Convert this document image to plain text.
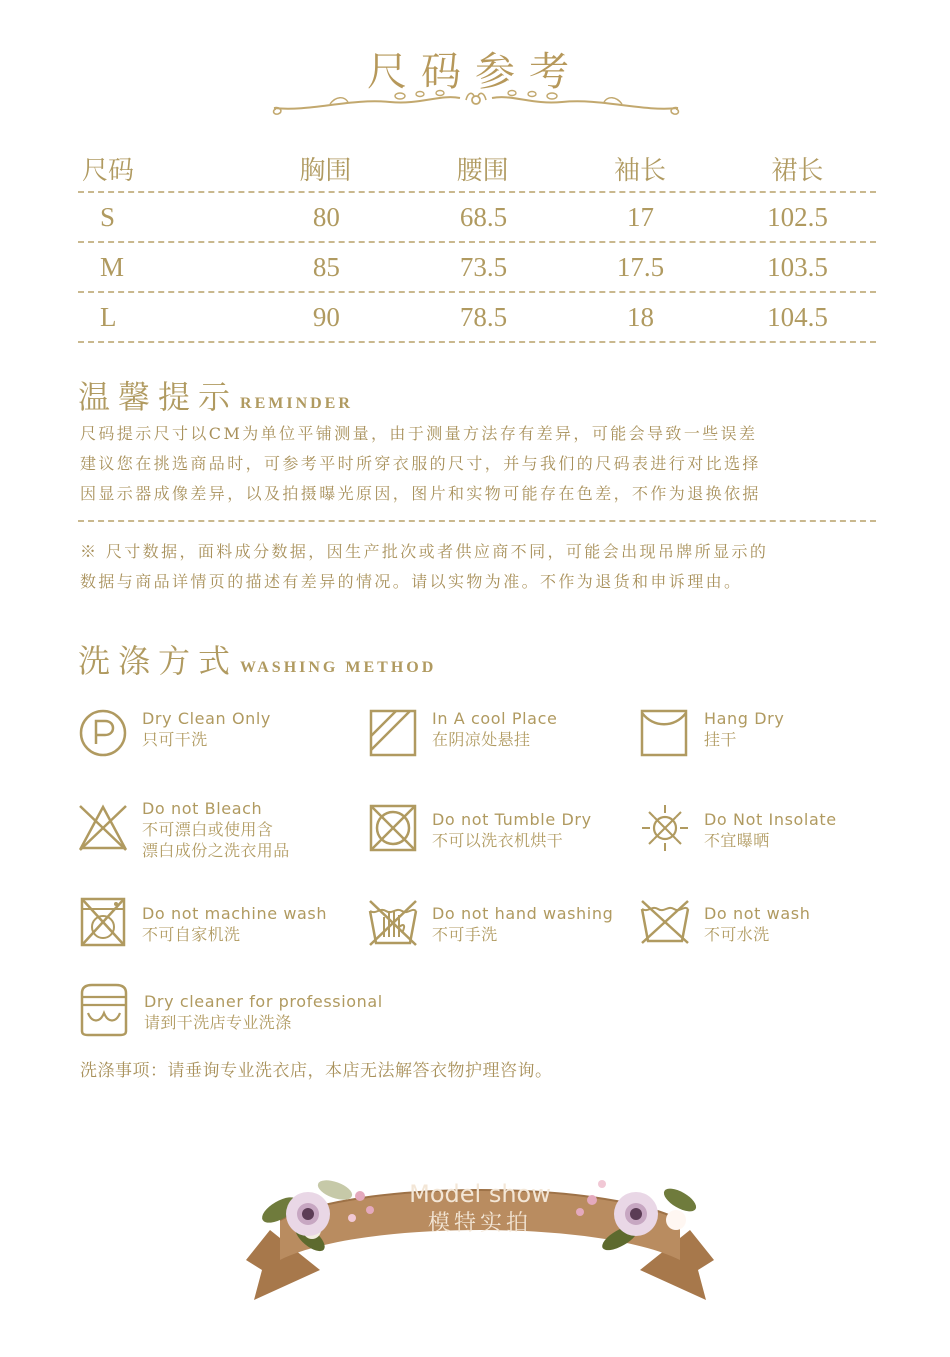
尺码参考
尺码	胸围	腰围	袖长	裙长
S	80	68.5	17	102.5
M	85	73.5	17.5	103.5
L	90	78.5	18	104.5
温馨提示 REMINDER
尺码提示尺寸以CM为单位平铺测量，由于测量方法存有差异，可能会导致一些误差
建议您在挑选商品时，可参考平时所穿衣服的尺寸，并与我们的尺码表进行对比选择
因显示器成像差异，以及拍摄曝光原因，图片和实物可能存在色差，不作为退换依据
※ 尺寸数据，面料成分数据，因生产批次或者供应商不同，可能会出现吊牌所显示的
数据与商品详情页的描述有差异的情况。请以实物为准。不作为退货和申诉理由。
洗涤方式 WASHING METHOD
Dry Clean Only
只可干洗
In A cool Place
在阴凉处悬挂
Hang Dry
挂干
Do not Bleach
不可漂白或使用含
漂白成份之洗衣用品
Do not Tumble Dry
不可以洗衣机烘干
Do Not Insolate
不宜曝晒
Do not machine wash
不可自家机洗
Do not hand washing
不可手洗
Do not wash
不可水洗
Dry cleaner for professional
请到干洗店专业洗涤
洗涤事项：请垂询专业洗衣店，本店无法解答衣物护理咨询。
Model show
模特实拍
